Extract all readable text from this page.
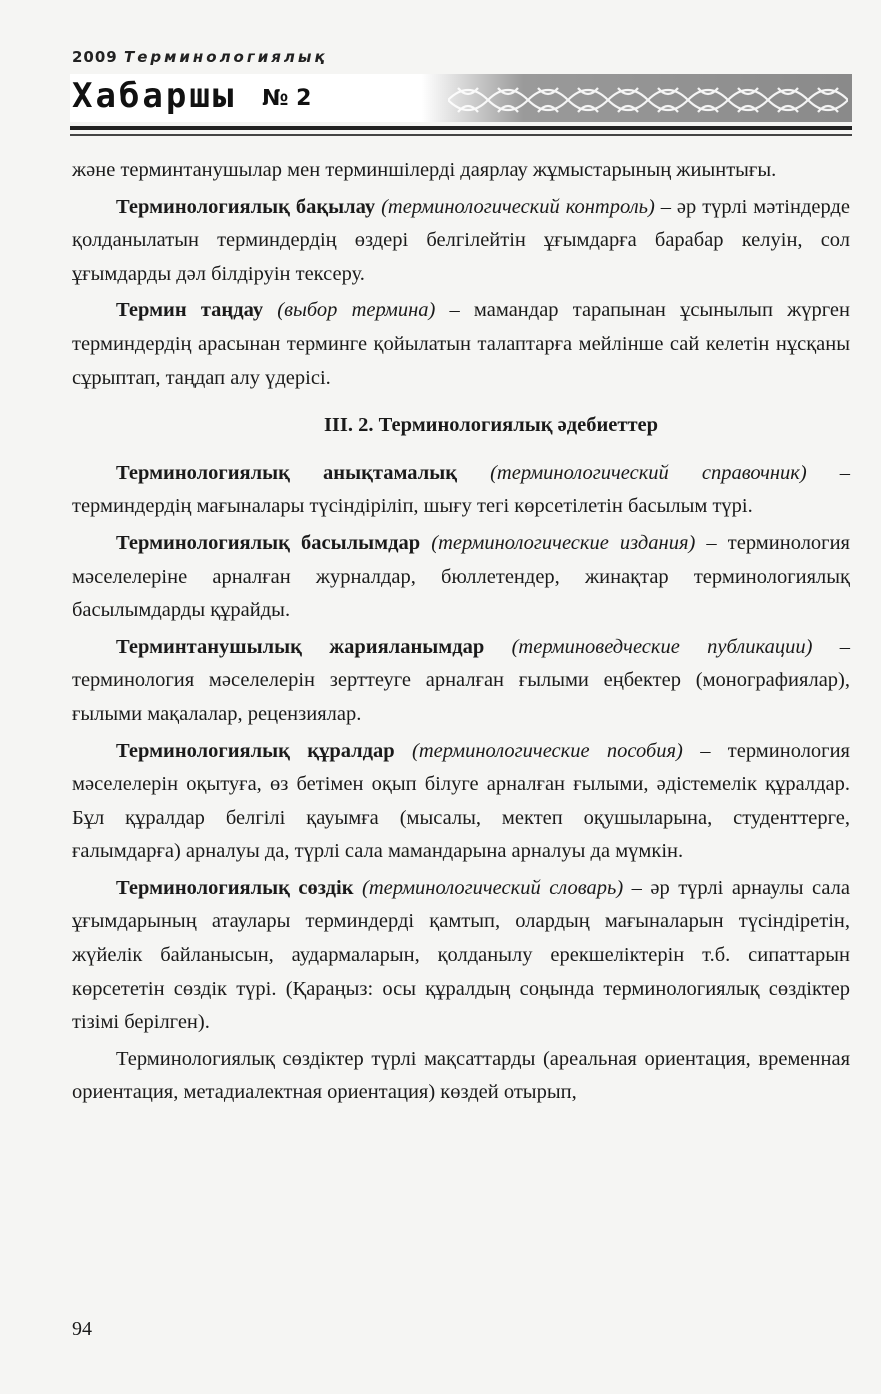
2009 Терминологиялық
Хабаршы № 2

және терминтанушылар мен терминшілерді даярлау жұмыстарының жиынтығы.

Терминологиялық бақылау (терминологический контроль) – әр түрлі мәтіндерде қолданылатын терминдердің өздері белгілейтін ұғымдарға барабар келуін, сол ұғымдарды дәл білдіруін тексеру.

Термин таңдау (выбор термина) – мамандар тарапынан ұсынылып жүрген терминдердің арасынан терминге қойылатын талаптарға мейлінше сай келетін нұсқаны сұрыптап, таңдап алу үдерісі.

III. 2. Терминологиялық әдебиеттер

Терминологиялық анықтамалық (терминологический справочник) – терминдердің мағыналары түсіндіріліп, шығу тегі көрсетілетін басылым түрі.

Терминологиялық басылымдар (терминологические издания) – терминология мәселелеріне арналған журналдар, бюллетендер, жинақтар терминологиялық басылымдарды құрайды.

Терминтанушылық жарияланымдар (терминоведческие публикации) – терминология мәселелерін зерттеуге арналған ғылыми еңбектер (монографиялар), ғылыми мақалалар, рецензиялар.

Терминологиялық құралдар (терминологические пособия) – терминология мәселелерін оқытуға, өз бетімен оқып білуге арналған ғылыми, әдістемелік құралдар. Бұл құралдар белгілі қауымға (мысалы, мектеп оқушыларына, студенттерге, ғалымдарға) арналуы да, түрлі сала мамандарына арналуы да мүмкін.

Терминологиялық сөздік (терминологический словарь) – әр түрлі арнаулы сала ұғымдарының атаулары терминдерді қамтып, олардың мағыналарын түсіндіретін, жүйелік байланысын, аудармаларын, қолданылу ерекшеліктерін т.б. сипаттарын көрсететін сөздік түрі. (Қараңыз: осы құралдың соңында терминологиялық сөздіктер тізімі берілген).

Терминологиялық сөздіктер түрлі мақсаттарды (ареальная ориентация, временная ориентация, метадиалектная ориентация) көздей отырып,

94
